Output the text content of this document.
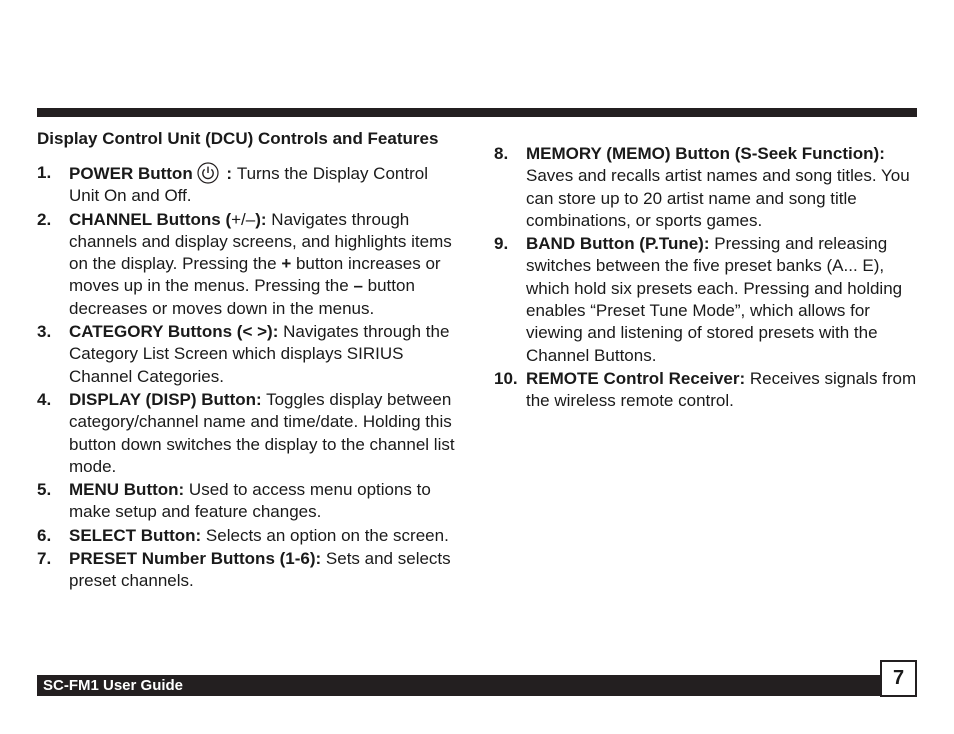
Display Control Unit (DCU) Controls and Features
1. POWER Button : Turns the Display Control Unit On and Off.
2. CHANNEL Buttons (+/–): Navigates through channels and display screens, and highlights items on the display. Pressing the + button increases or moves up in the menus. Pressing the – button decreases or moves down in the menus.
3. CATEGORY Buttons (< >): Navigates through the Category List Screen which displays SIRIUS Channel Categories.
4. DISPLAY (DISP) Button: Toggles display between category/channel name and time/date. Holding this button down switches the display to the channel list mode.
5. MENU Button: Used to access menu options to make setup and feature changes.
6. SELECT Button: Selects an option on the screen.
7. PRESET Number Buttons (1-6): Sets and selects preset channels.
8. MEMORY (MEMO) Button (S-Seek Function): Saves and recalls artist names and song titles. You can store up to 20 artist name and song title combinations, or sports games.
9. BAND Button (P.Tune): Pressing and releasing switches between the five preset banks (A... E), which hold six presets each. Pressing and holding enables “Preset Tune Mode”, which allows for viewing and listening of stored presets with the Channel Buttons.
10. REMOTE Control Receiver: Receives signals from the wireless remote control.
SC-FM1 User Guide	7
